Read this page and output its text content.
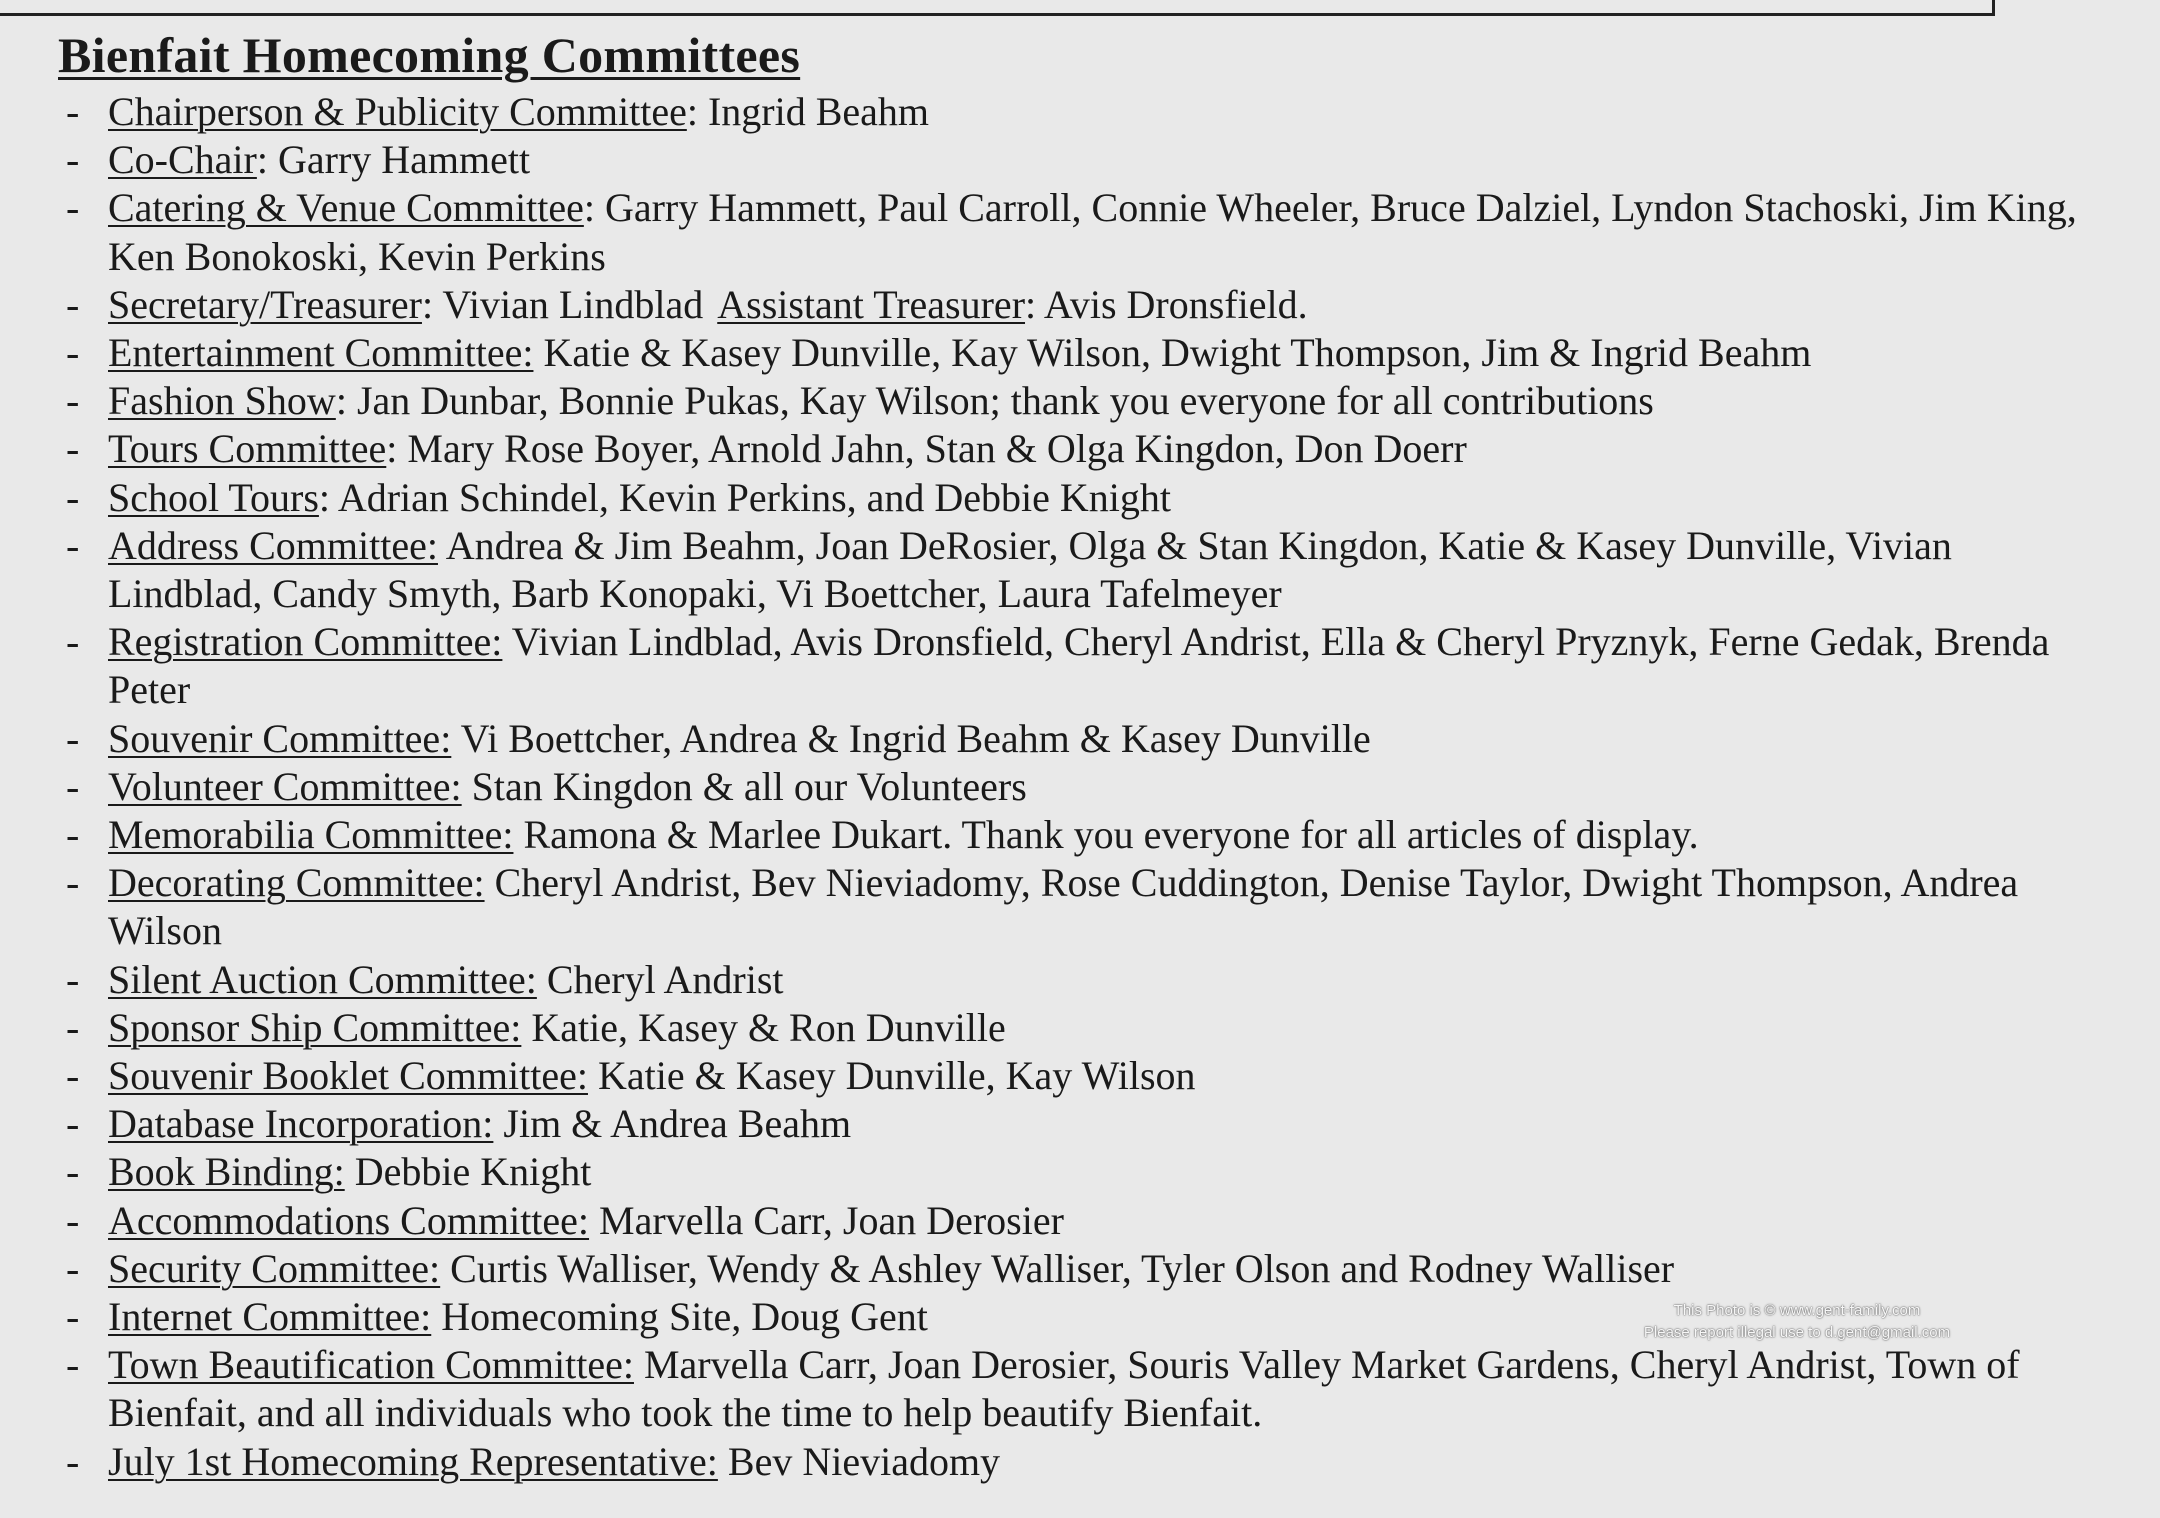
Bienfait Homecoming Committees
- Chairperson & Publicity Committee: Ingrid Beahm
- Co-Chair: Garry Hammett
- Catering & Venue Committee: Garry Hammett, Paul Carroll, Connie Wheeler, Bruce Dalziel, Lyndon Stachoski, Jim King, Ken Bonokoski, Kevin Perkins
- Secretary/Treasurer: Vivian Lindblad Assistant Treasurer: Avis Dronsfield.
- Entertainment Committee: Katie & Kasey Dunville, Kay Wilson, Dwight Thompson, Jim & Ingrid Beahm
- Fashion Show: Jan Dunbar, Bonnie Pukas, Kay Wilson; thank you everyone for all contributions
- Tours Committee: Mary Rose Boyer, Arnold Jahn, Stan & Olga Kingdon, Don Doerr
- School Tours: Adrian Schindel, Kevin Perkins, and Debbie Knight
- Address Committee: Andrea & Jim Beahm, Joan DeRosier, Olga & Stan Kingdon, Katie & Kasey Dunville, Vivian Lindblad, Candy Smyth, Barb Konopaki, Vi Boettcher, Laura Tafelmeyer
- Registration Committee: Vivian Lindblad, Avis Dronsfield, Cheryl Andrist, Ella & Cheryl Pryznyk, Ferne Gedak, Brenda Peter
- Souvenir Committee: Vi Boettcher, Andrea & Ingrid Beahm & Kasey Dunville
- Volunteer Committee: Stan Kingdon & all our Volunteers
- Memorabilia Committee: Ramona & Marlee Dukart. Thank you everyone for all articles of display.
- Decorating Committee: Cheryl Andrist, Bev Nieviadomy, Rose Cuddington, Denise Taylor, Dwight Thompson, Andrea Wilson
- Silent Auction Committee: Cheryl Andrist
- Sponsor Ship Committee: Katie, Kasey & Ron Dunville
- Souvenir Booklet Committee: Katie & Kasey Dunville, Kay Wilson
- Database Incorporation: Jim & Andrea Beahm
- Book Binding: Debbie Knight
- Accommodations Committee: Marvella Carr, Joan Derosier
- Security Committee: Curtis Walliser, Wendy & Ashley Walliser, Tyler Olson and Rodney Walliser
- Internet Committee: Homecoming Site, Doug Gent
- Town Beautification Committee: Marvella Carr, Joan Derosier, Souris Valley Market Gardens, Cheryl Andrist, Town of Bienfait, and all individuals who took the time to help beautify Bienfait.
- July 1st Homecoming Representative: Bev Nieviadomy
This Photo is © www.gent-family.com
Please report illegal use to d.gent@gmail.com
